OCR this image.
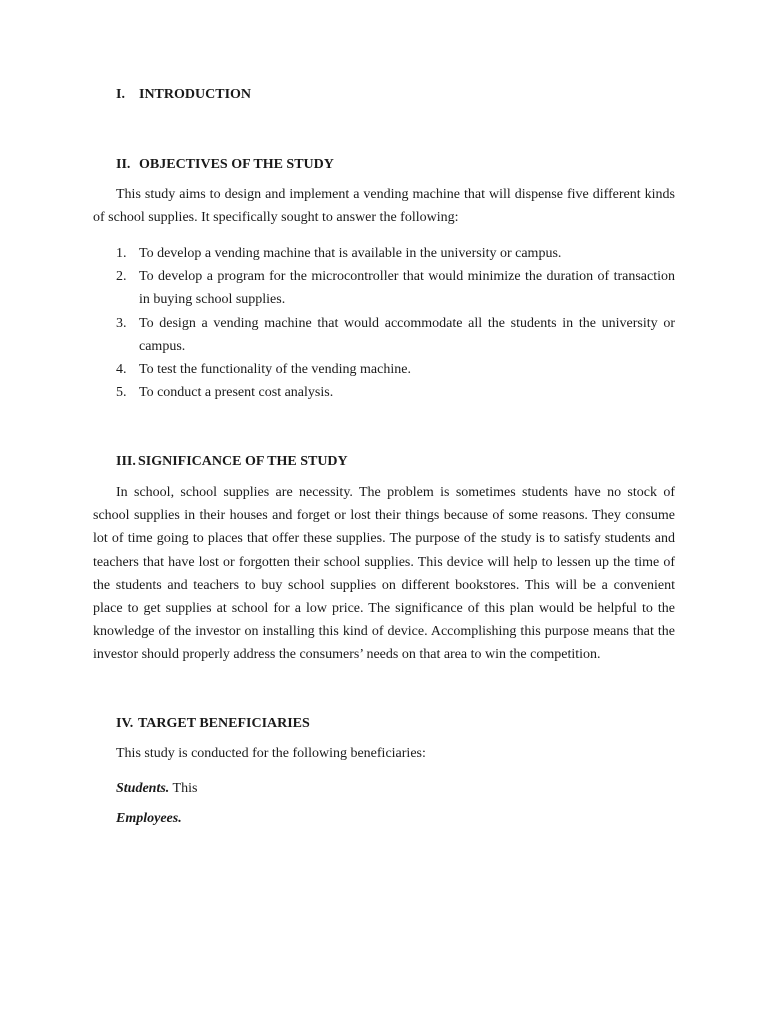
I. INTRODUCTION
II. OBJECTIVES OF THE STUDY

This study aims to design and implement a vending machine that will dispense five different kinds of school supplies. It specifically sought to answer the following:

1. To develop a vending machine that is available in the university or campus.
2. To develop a program for the microcontroller that would minimize the duration of transaction in buying school supplies.
3. To design a vending machine that would accommodate all the students in the university or campus.
4. To test the functionality of the vending machine.
5. To conduct a present cost analysis.
III. SIGNIFICANCE OF THE STUDY

In school, school supplies are necessity. The problem is sometimes students have no stock of school supplies in their houses and forget or lost their things because of some reasons. They consume lot of time going to places that offer these supplies. The purpose of the study is to satisfy students and teachers that have lost or forgotten their school supplies. This device will help to lessen up the time of the students and teachers to buy school supplies on different bookstores. This will be a convenient place to get supplies at school for a low price. The significance of this plan would be helpful to the knowledge of the investor on installing this kind of device. Accomplishing this purpose means that the investor should properly address the consumers’ needs on that area to win the competition.

IV. TARGET BENEFICIARIES
This study is conducted for the following beneficiaries:
Students. This
Employees.
